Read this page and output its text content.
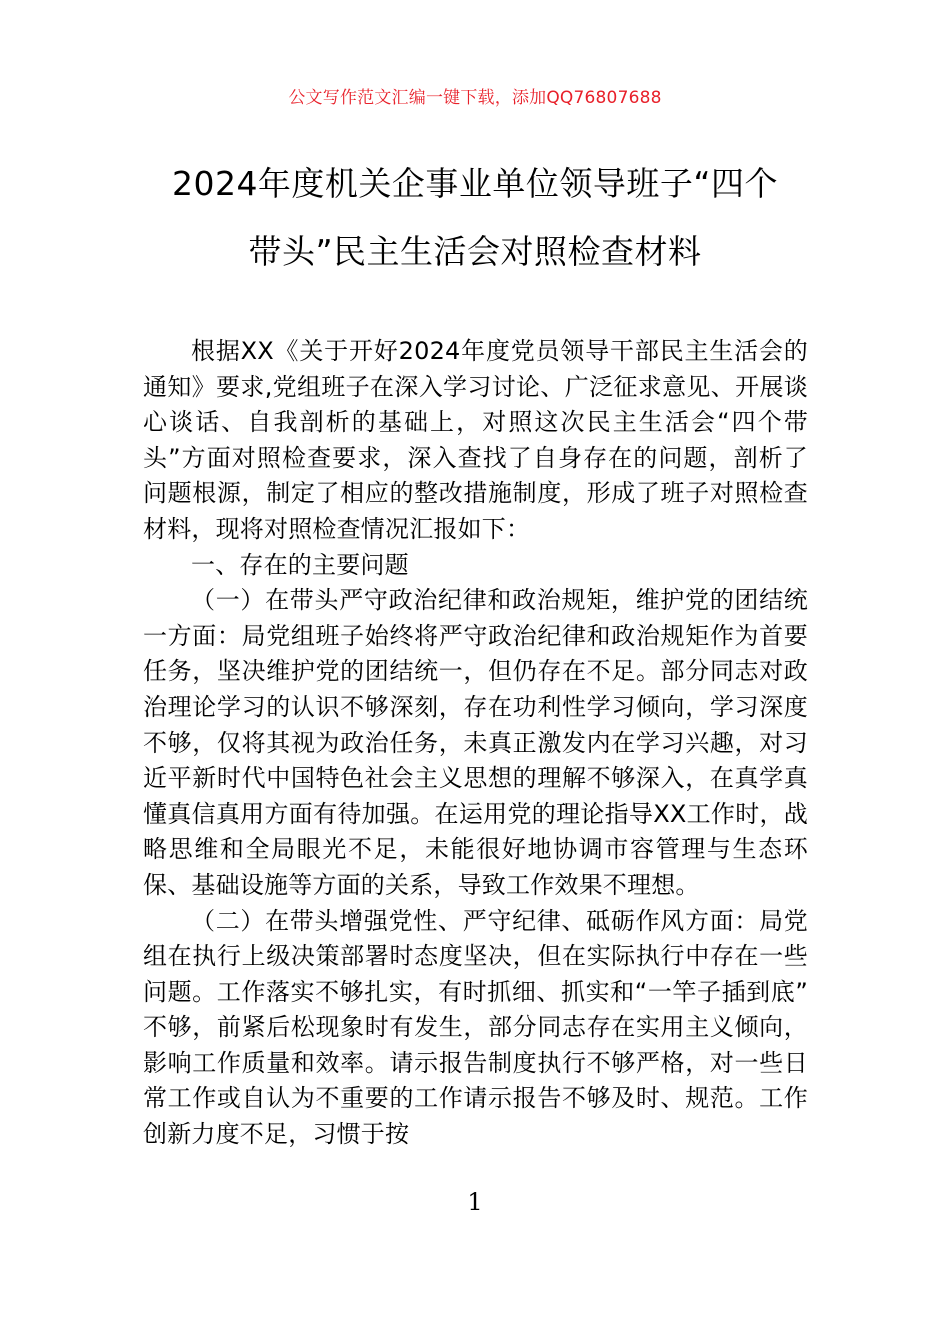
公文写作范文汇编一键下载，添加QQ76807688
2024年度机关企事业单位领导班子“四个
带头”民主生活会对照检查材料

根据XX《关于开好2024年度党员领导干部民主生活会的通知》要求,党组班子在深入学习讨论、广泛征求意见、开展谈心谈话、自我剖析的基础上，对照这次民主生活会“四个带头”方面对照检查要求，深入查找了自身存在的问题，剖析了问题根源，制定了相应的整改措施制度，形成了班子对照检查材料，现将对照检查情况汇报如下：

一、存在的主要问题

（一）在带头严守政治纪律和政治规矩，维护党的团结统一方面：局党组班子始终将严守政治纪律和政治规矩作为首要任务，坚决维护党的团结统一，但仍存在不足。部分同志对政治理论学习的认识不够深刻，存在功利性学习倾向，学习深度不够，仅将其视为政治任务，未真正激发内在学习兴趣，对习近平新时代中国特色社会主义思想的理解不够深入，在真学真懂真信真用方面有待加强。在运用党的理论指导XX工作时，战略思维和全局眼光不足，未能很好地协调市容管理与生态环保、基础设施等方面的关系，导致工作效果不理想。

（二）在带头增强党性、严守纪律、砥砺作风方面：局党组在执行上级决策部署时态度坚决，但在实际执行中存在一些问题。工作落实不够扎实，有时抓细、抓实和“一竿子插到底” 不够，前紧后松现象时有发生，部分同志存在实用主义倾向，影响工作质量和效率。请示报告制度执行不够严格，对一些日常工作或自认为不重要的工作请示报告不够及时、规范。工作创新力度不足，习惯于按

1
